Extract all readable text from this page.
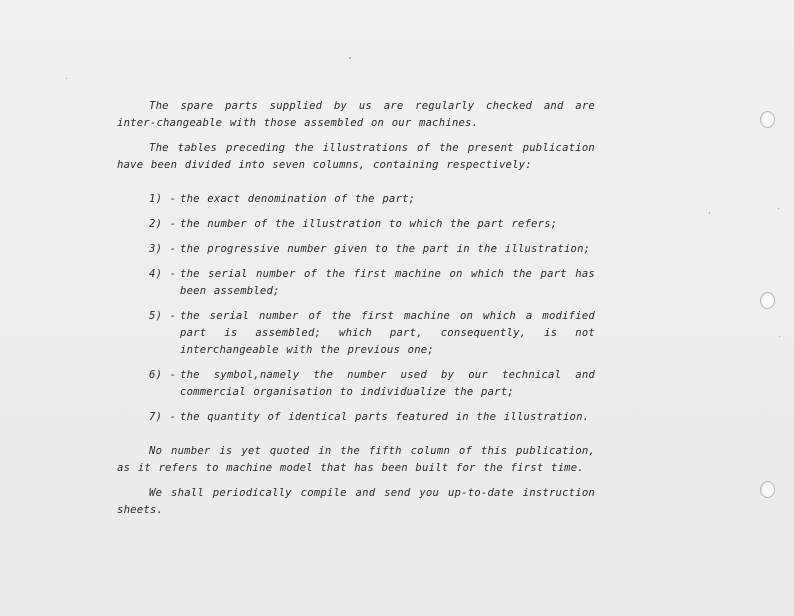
The spare parts supplied by us are regularly checked and are inter-changeable with those assembled on our machines.

The tables preceding the illustrations of the present publication have been divided into seven columns, containing respectively:

1) - the exact denomination of the part;
2) - the number of the illustration to which the part refers;
3) - the progressive number given to the part in the illustration;
4) - the serial number of the first machine on which the part has been assembled;
5) - the serial number of the first machine on which a modified part is assembled; which part, consequently, is not interchangeable with the previous one;
6) - the symbol,namely the number used by our technical and commercial organisation to individualize the part;
7) - the quantity of identical parts featured in the illustration.

No number is yet quoted in the fifth column of this publication, as it refers to machine model that has been built for the first time.

We shall periodically compile and send you up-to-date instruction sheets.
